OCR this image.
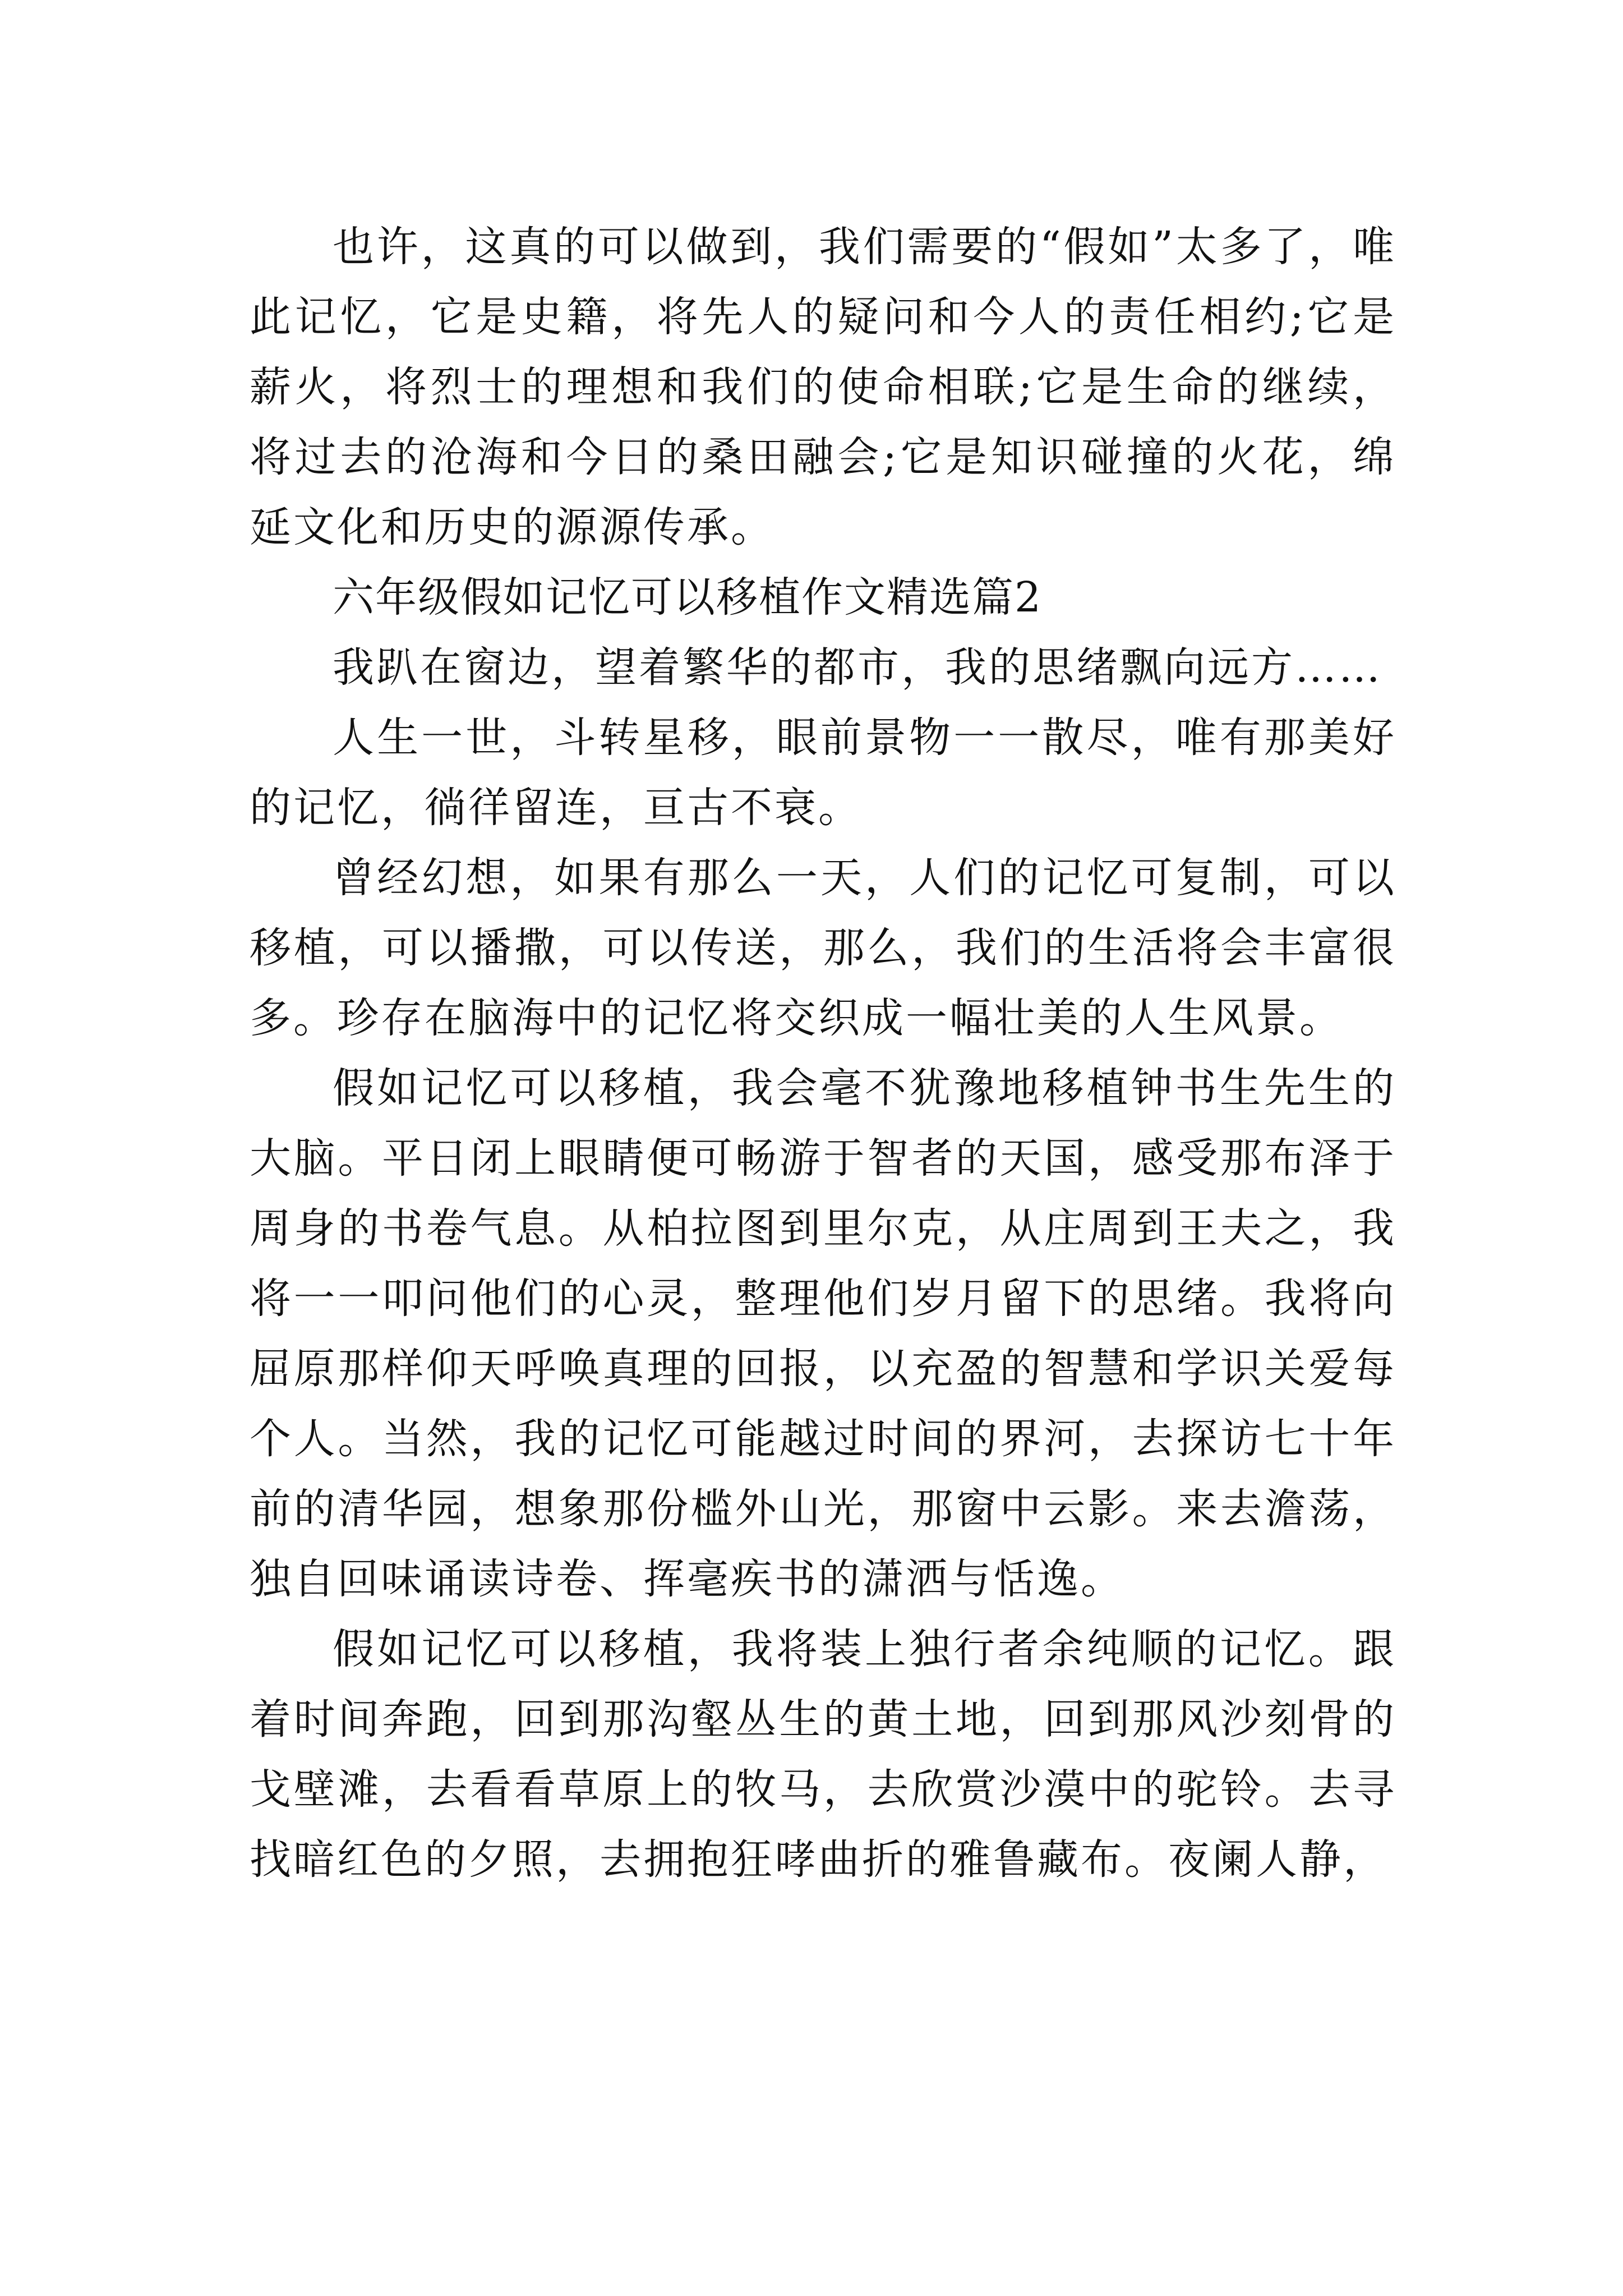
也许，这真的可以做到，我们需要的“假如”太多了，唯此记忆，它是史籍，将先人的疑问和今人的责任相约;它是薪火，将烈士的理想和我们的使命相联;它是生命的继续，将过去的沧海和今日的桑田融会;它是知识碰撞的火花，绵延文化和历史的源源传承。

六年级假如记忆可以移植作文精选篇2

我趴在窗边，望着繁华的都市，我的思绪飘向远方……

人生一世，斗转星移，眼前景物一一散尽，唯有那美好的记忆，徜徉留连，亘古不衰。

曾经幻想，如果有那么一天，人们的记忆可复制，可以移植，可以播撒，可以传送，那么，我们的生活将会丰富很多。珍存在脑海中的记忆将交织成一幅壮美的人生风景。

假如记忆可以移植，我会毫不犹豫地移植钟书生先生的大脑。平日闭上眼睛便可畅游于智者的天国，感受那布泽于周身的书卷气息。从柏拉图到里尔克，从庄周到王夫之，我将一一叩问他们的心灵，整理他们岁月留下的思绪。我将向屈原那样仰天呼唤真理的回报，以充盈的智慧和学识关爱每个人。当然，我的记忆可能越过时间的界河，去探访七十年前的清华园，想象那份槛外山光，那窗中云影。来去澹荡，独自回味诵读诗卷、挥毫疾书的潇洒与恬逸。

假如记忆可以移植，我将装上独行者余纯顺的记忆。跟着时间奔跑，回到那沟壑丛生的黄土地，回到那风沙刻骨的戈壁滩，去看看草原上的牧马，去欣赏沙漠中的驼铃。去寻找暗红色的夕照，去拥抱狂哮曲折的雅鲁藏布。夜阑人静，
